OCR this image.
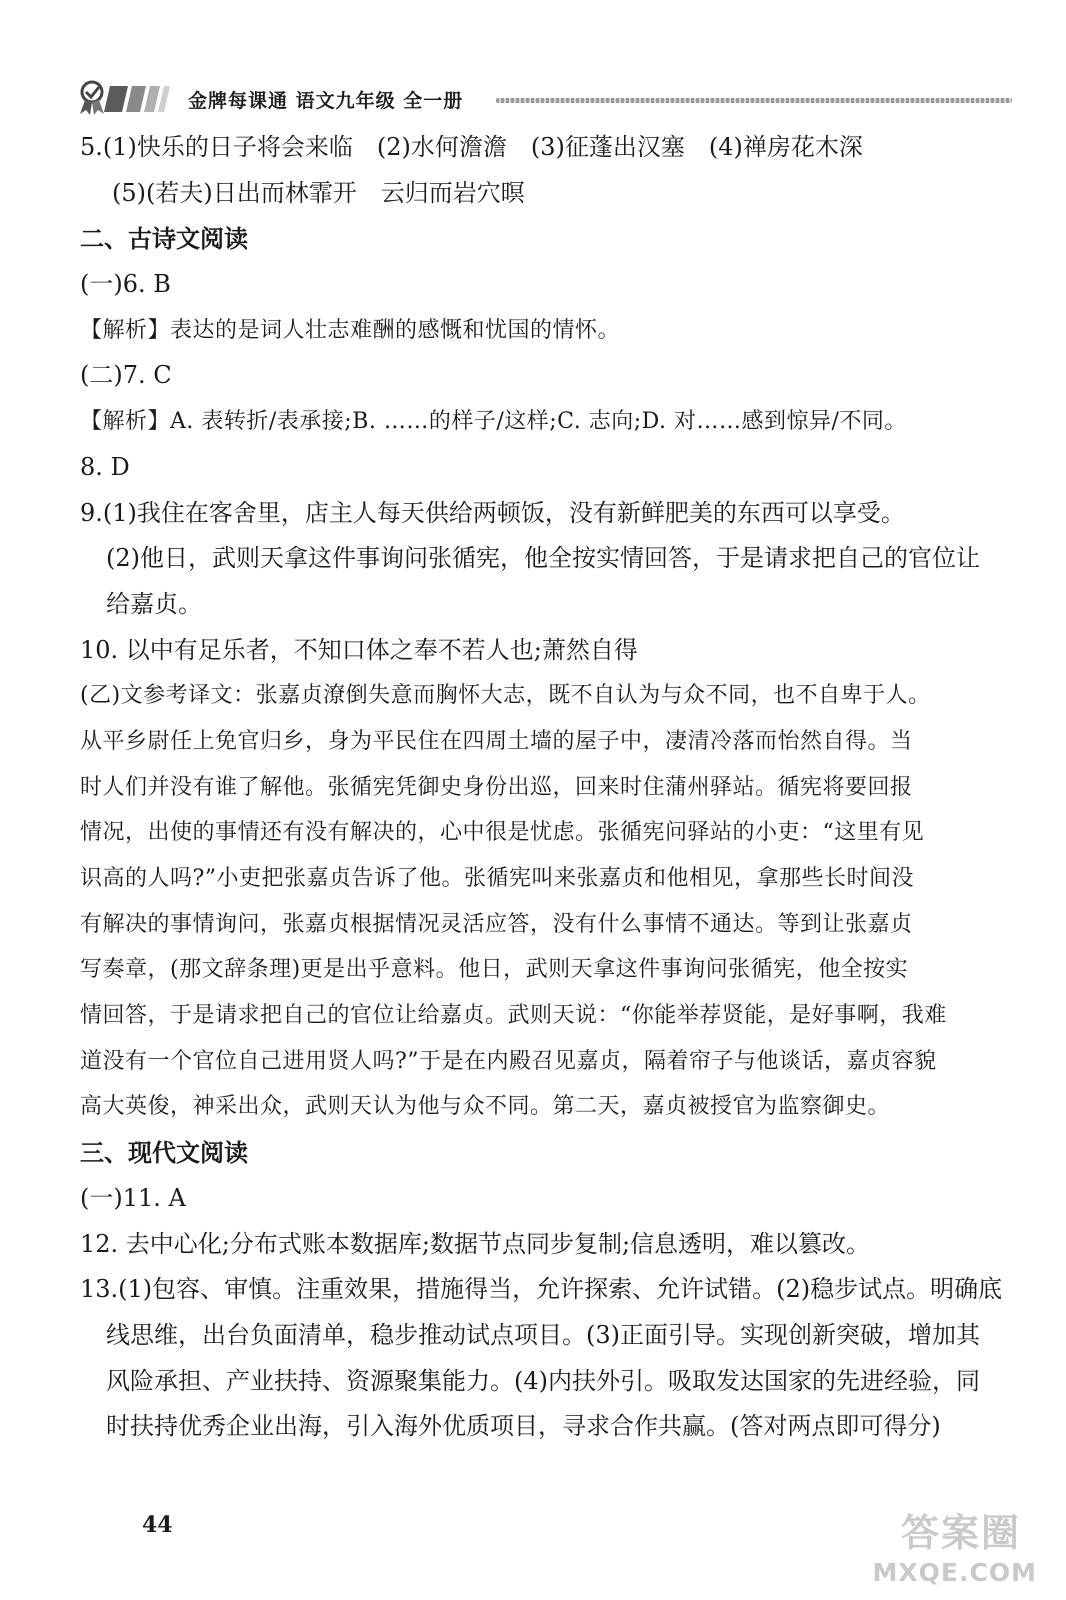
金牌每课通 语文九年级 全一册
5.(1)快乐的日子将会来临　(2)水何澹澹　(3)征蓬出汉塞　(4)禅房花木深
(5)(若夫)日出而林霏开　云归而岩穴暝
二、古诗文阅读
(一)6. B
【解析】表达的是词人壮志难酬的感慨和忧国的情怀。
(二)7. C
【解析】A. 表转折/表承接;B. ……的样子/这样;C. 志向;D. 对……感到惊异/不同。
8. D
9.(1)我住在客舍里，店主人每天供给两顿饭，没有新鲜肥美的东西可以享受。
(2)他日，武则天拿这件事询问张循宪，他全按实情回答，于是请求把自己的官位让
给嘉贞。
10. 以中有足乐者，不知口体之奉不若人也;萧然自得
(乙)文参考译文：张嘉贞潦倒失意而胸怀大志，既不自认为与众不同，也不自卑于人。
从平乡尉任上免官归乡，身为平民住在四周土墙的屋子中，凄清冷落而怡然自得。当
时人们并没有谁了解他。张循宪凭御史身份出巡，回来时住蒲州驿站。循宪将要回报
情况，出使的事情还有没有解决的，心中很是忧虑。张循宪问驿站的小吏：“这里有见
识高的人吗?”小吏把张嘉贞告诉了他。张循宪叫来张嘉贞和他相见，拿那些长时间没
有解决的事情询问，张嘉贞根据情况灵活应答，没有什么事情不通达。等到让张嘉贞
写奏章，(那文辞条理)更是出乎意料。他日，武则天拿这件事询问张循宪，他全按实
情回答，于是请求把自己的官位让给嘉贞。武则天说：“你能举荐贤能，是好事啊，我难
道没有一个官位自己进用贤人吗?”于是在内殿召见嘉贞，隔着帘子与他谈话，嘉贞容貌
高大英俊，神采出众，武则天认为他与众不同。第二天，嘉贞被授官为监察御史。
三、现代文阅读
(一)11. A
12. 去中心化;分布式账本数据库;数据节点同步复制;信息透明，难以篡改。
13.(1)包容、审慎。注重效果，措施得当，允许探索、允许试错。(2)稳步试点。明确底
线思维，出台负面清单，稳步推动试点项目。(3)正面引导。实现创新突破，增加其
风险承担、产业扶持、资源聚集能力。(4)内扶外引。吸取发达国家的先进经验，同
时扶持优秀企业出海，引入海外优质项目，寻求合作共赢。(答对两点即可得分)
44	答案圈
MXQE.COM
